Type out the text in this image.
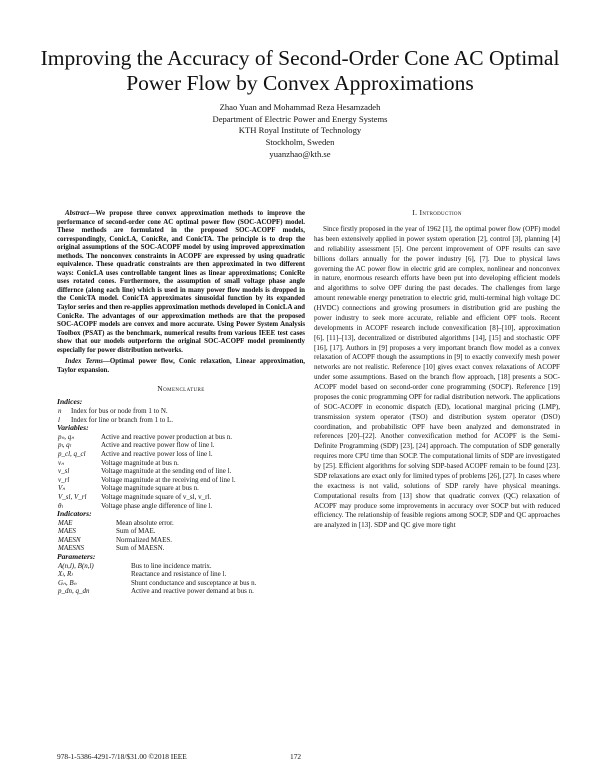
Improving the Accuracy of Second-Order Cone AC Optimal Power Flow by Convex Approximations
Zhao Yuan and Mohammad Reza Hesamzadeh
Department of Electric Power and Energy Systems
KTH Royal Institute of Technology
Stockholm, Sweden
yuanzhao@kth.se

Abstract—We propose three convex approximation methods to improve the performance of second-order cone AC optimal power flow (SOC-ACOPF) model. These methods are formulated in the proposed SOC-ACOPF models, correspondingly, ConicLA, ConicRe, and ConicTA. The principle is to drop the original assumptions of the SOC-ACOPF model by using improved approximation methods. The nonconvex constraints in ACOPF are expressed by using quadratic equivalence. These quadratic constraints are then approximated in two different ways: ConicLA uses controllable tangent lines as linear approximations; ConicRe uses rotated cones. Furthermore, the assumption of small voltage phase angle differnce (along each line) which is used in many power flow models is dropped in the ConicTA model. ConicTA approximates sinusoidal function by its expanded Taylor series and then re-applies approximation methods developed in ConicLA and ConicRe. The advantages of our approximation methods are that the proposed SOC-ACOPF models are convex and more accurate. Using Power System Analysis Toolbox (PSAT) as the benchmark, numerical results from various IEEE test cases show that our models outperform the original SOC-ACOPF model prominently especially for power distribution networks.

Index Terms—Optimal power flow, Conic relaxation, Linear approximation, Taylor expansion.

Nomenclature
Indices:
n	Index for bus or node from 1 to N.
l	Index for line or branch from 1 to L.
Variables:
pₙ, qₙ	Active and reactive power production at bus n.
pₗ, qₗ	Active and reactive power flow of line l.
p_cl, q_cl	Active and reactive power loss of line l.
vₙ	Voltage magnitude at bus n.
v_sl	Voltage magnitude at the sending end of line l.
v_rl	Voltage magnitude at the receiving end of line l.
Vₙ	Voltage magnitude square at bus n.
V_sl, V_rl	Voltage magnitude square of v_sl, v_rl.
θₗ	Voltage phase angle difference of line l.
Indicators:
MAE	Mean absolute error.
MAES	Sum of MAE.
MAESN	Normalized MAES.
MAESNS	Sum of MAESN.
Parameters:
A(n,l), B(n,l)	Bus to line incidence matrix.
Xₗ, Rₗ	Reactance and resistance of line l.
Gₙ, Bₙ	Shunt conductance and susceptance at bus n.
p_dn, q_dn	Active and reactive power demand at bus n.
I. Introduction

Since firstly proposed in the year of 1962 [1], the optimal power flow (OPF) model has been extensively applied in power system operation [2], control [3], planning [4] and reliability assessment [5]. One percent improvement of OPF results can save billions dollars annually for the power industry [6], [7]. Due to physical laws governing the AC power flow in electric grid are complex, nonlinear and nonconvex in nature, enormous research efforts have been put into developing efficient models and algorithms to solve OPF during the past decades. The challenges from large amount renewable energy penetration to electric grid, multi-terminal high voltage DC (HVDC) connections and growing prosumers in distribution grid are pushing the power industry to seek more accurate, reliable and efficient OPF tools. Recent developments in ACOPF research include convexification [8]–[10], approximation [6], [11]–[13], decentralized or distributed algorithms [14], [15] and stochastic OPF [16], [17]. Authors in [9] proposes a very important branch flow model as a convex relaxation of ACOPF though the assumptions in [9] to exactly convexify mesh power networks are not realistic. Reference [10] gives exact convex relaxations of ACOPF under some assumptions. Based on the branch flow approach, [18] presents a SOC-ACOPF model based on second-order cone programming (SOCP). Reference [19] proposes the conic programming OPF for radial distribution network. The applications of SOC-ACOPF in economic dispatch (ED), locational marginal pricing (LMP), transmission system operator (TSO) and distribution system operator (DSO) coordination, and probabilistic OPF have been analyzed and demonstrated in references [20]–[22]. Another convexification method for ACOPF is the Semi-Definite Programming (SDP) [23], [24] approach. The computation of SDP generally requires more CPU time than SOCP. The computational limits of SDP are investigated by [25]. Efficient algorithms for solving SDP-based ACOPF remain to be found [23]. SDP relaxations are exact only for limited types of problems [26], [27]. In cases where the exactness is not valid, solutions of SDP rarely have physical meanings. Computational results from [13] show that quadratic convex (QC) relaxation of ACOPF may produce some improvements in accuracy over SOCP but with reduced efficiency. The relationship of feasible regions among SOCP, SDP and QC approaches are analyzed in [13]. SDP and QC give more tight

978-1-5386-4291-7/18/$31.00 ©2018 IEEE	172
